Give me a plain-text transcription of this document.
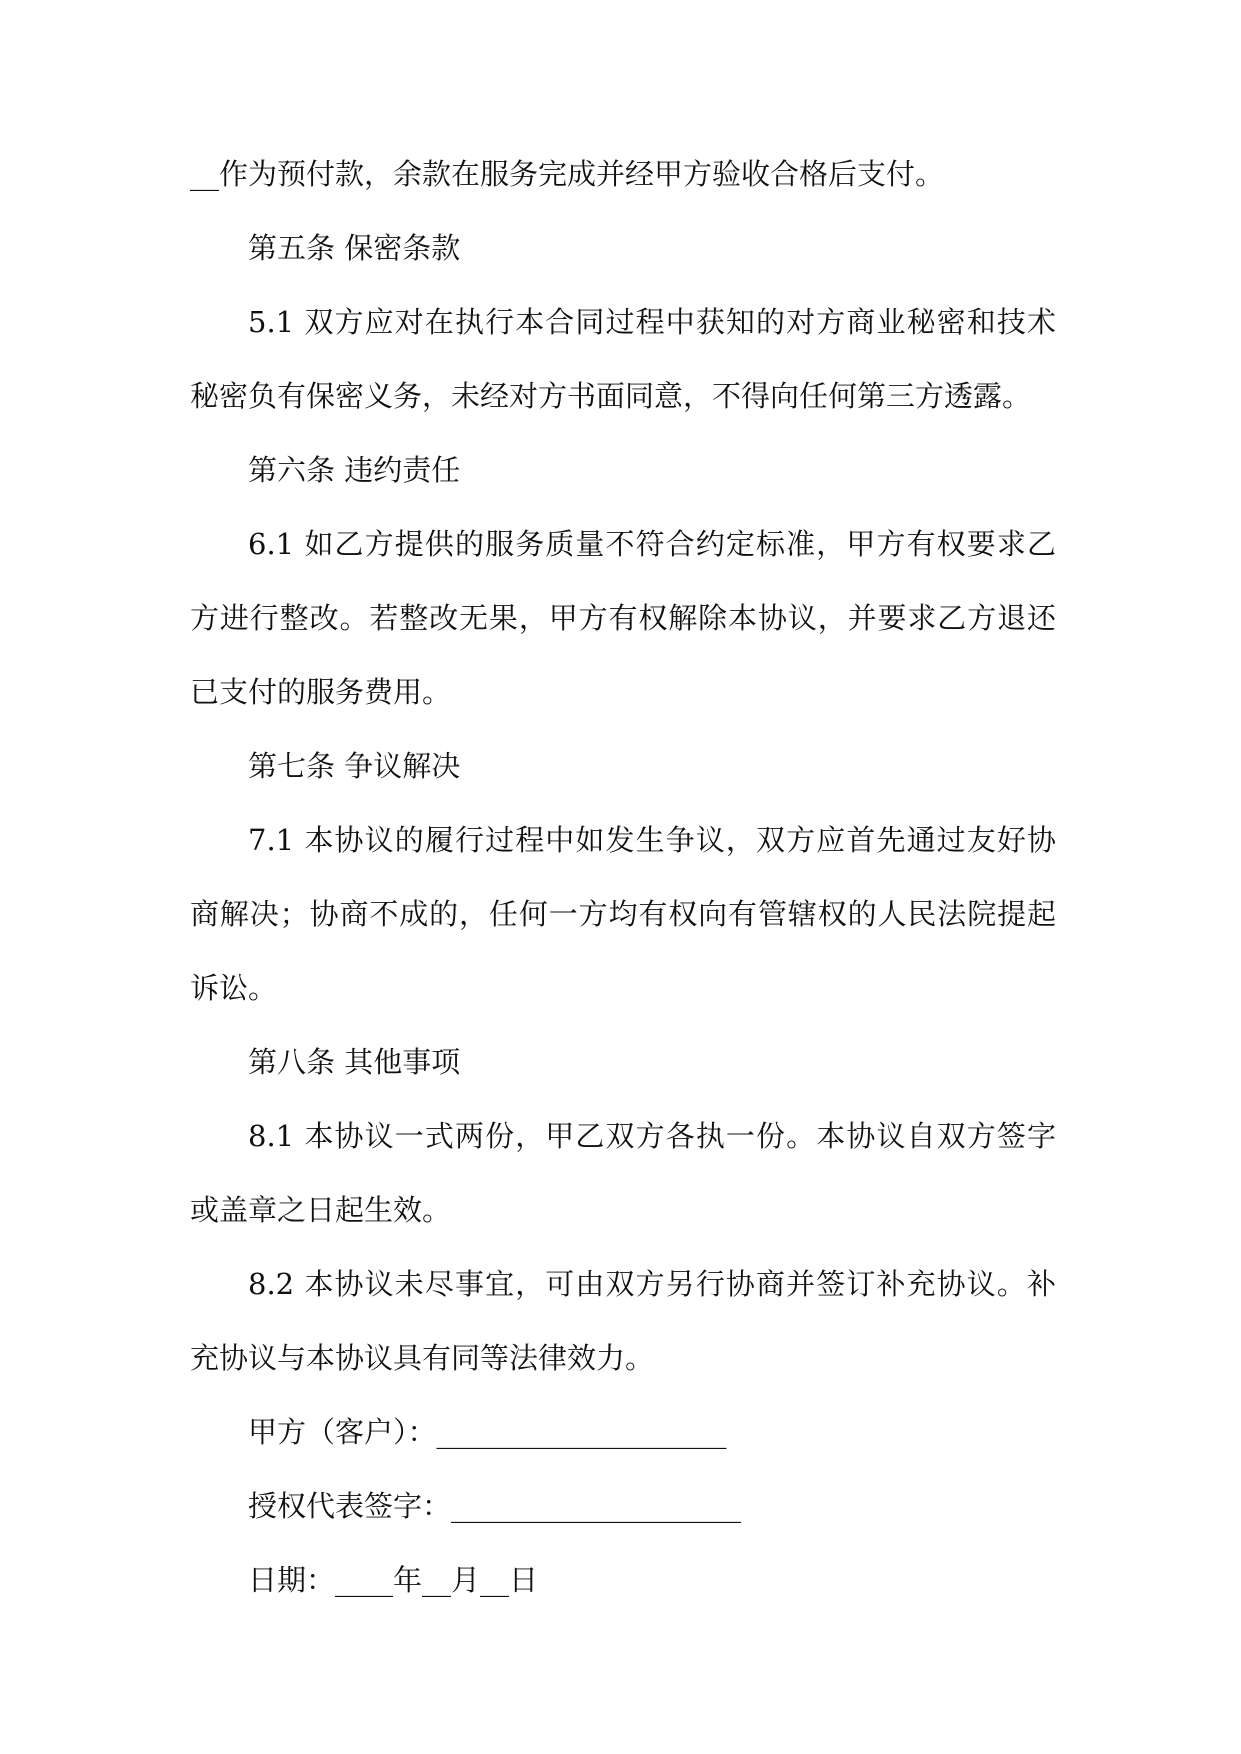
__作为预付款，余款在服务完成并经甲方验收合格后支付。

第五条 保密条款

5.1 双方应对在执行本合同过程中获知的对方商业秘密和技术秘密负有保密义务，未经对方书面同意，不得向任何第三方透露。

第六条 违约责任

6.1 如乙方提供的服务质量不符合约定标准，甲方有权要求乙方进行整改。若整改无果，甲方有权解除本协议，并要求乙方退还已支付的服务费用。

第七条 争议解决

7.1 本协议的履行过程中如发生争议，双方应首先通过友好协商解决；协商不成的，任何一方均有权向有管辖权的人民法院提起诉讼。

第八条 其他事项

8.1 本协议一式两份，甲乙双方各执一份。本协议自双方签字或盖章之日起生效。

8.2 本协议未尽事宜，可由双方另行协商并签订补充协议。补充协议与本协议具有同等法律效力。

甲方（客户）：____________________

授权代表签字：____________________

日期：____年__月__日
